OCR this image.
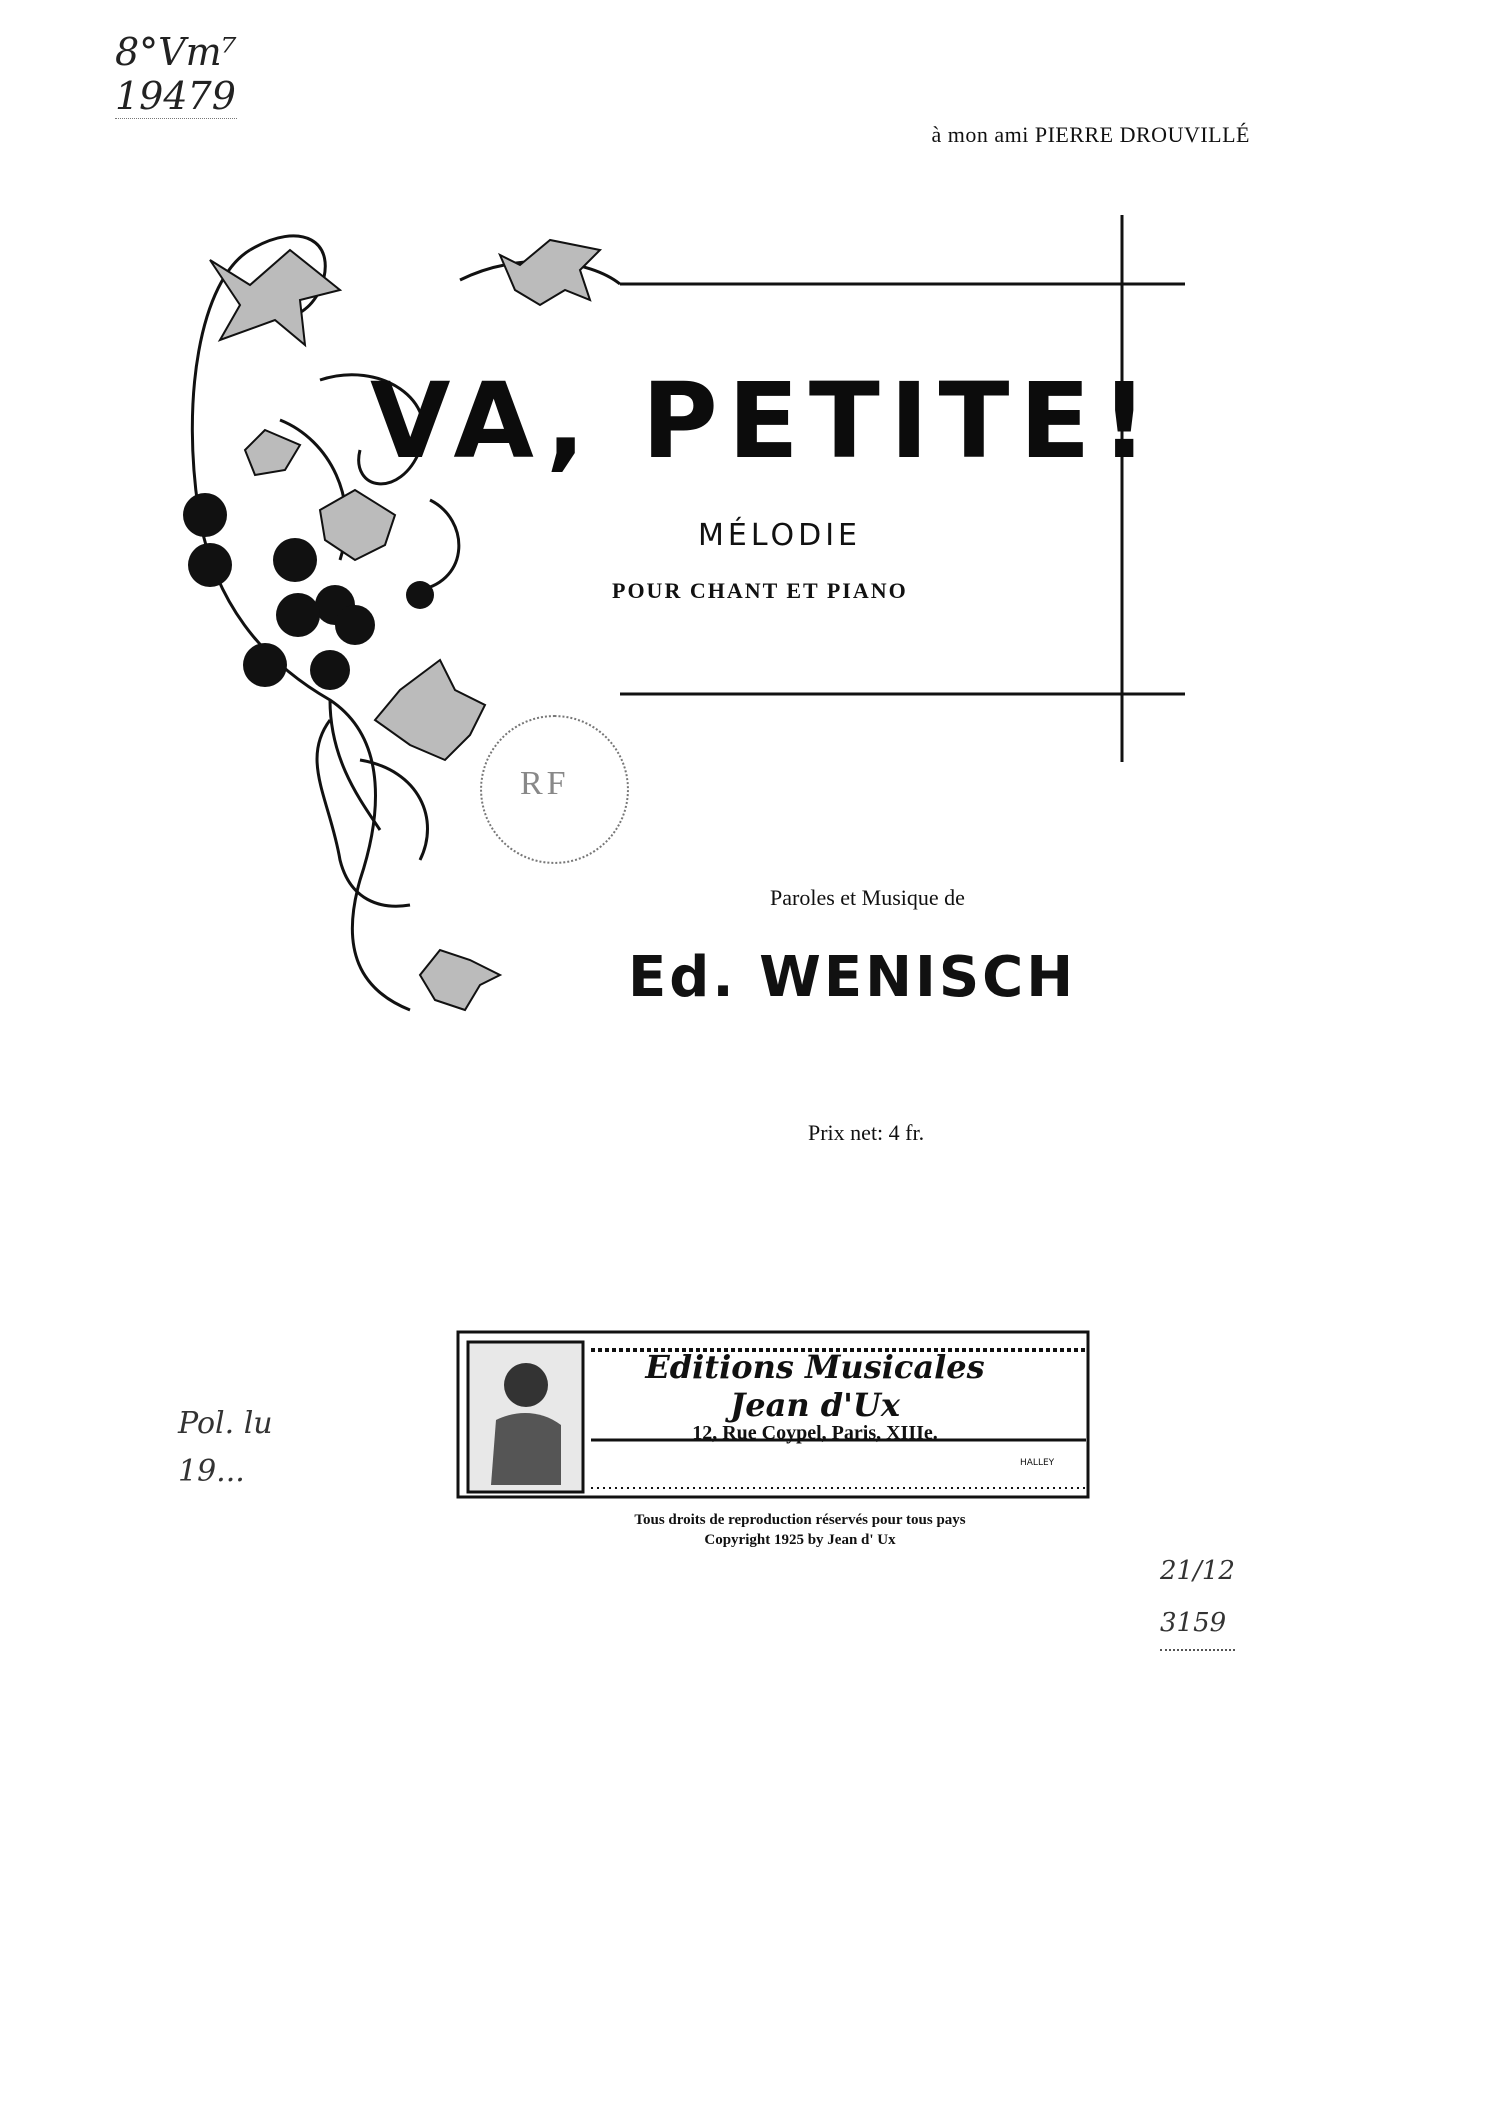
8°Vm⁷
19479
à mon ami PIERRE DROUVILLÉ
VA, PETITE!
MÉLODIE
POUR CHANT ET PIANO
RF
Paroles et Musique de
Ed. WENISCH
Prix net: 4 fr.
Editions Musicales
Jean d'Ux
12, Rue Coypel, Paris, XIIIe.
HALLEY
Tous droits de reproduction réservés pour tous pays
Copyright 1925 by Jean d' Ux
Pol. lu
19...
21/12
3159
